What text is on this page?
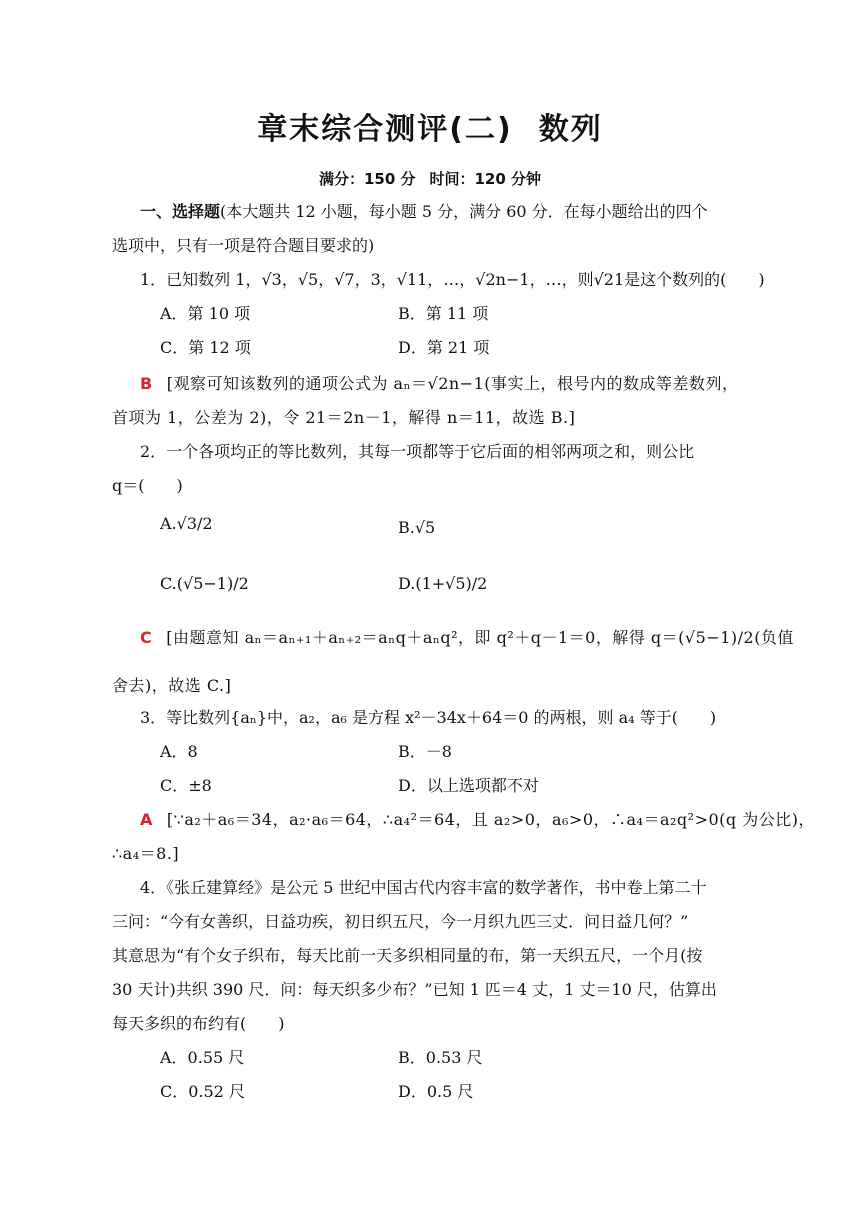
章末综合测评(二) 数列
满分：150 分 时间：120 分钟
一、选择题(本大题共 12 小题，每小题 5 分，满分 60 分．在每小题给出的四个
选项中，只有一项是符合题目要求的)
1．已知数列 1，√3，√5，√7，3，√11，…，√2n−1，…，则√21是这个数列的(　　)
A．第 10 项	B．第 11 项
C．第 12 项	D．第 21 项
B [观察可知该数列的通项公式为 aₙ＝√2n−1(事实上，根号内的数成等差数列，
首项为 1，公差为 2)，令 21＝2n－1，解得 n＝11，故选 B.]
2．一个各项均正的等比数列，其每一项都等于它后面的相邻两项之和，则公比
q＝(　　)
A.√3/2	B.√5
C.(√5−1)/2	D.(1+√5)/2
C [由题意知 aₙ＝aₙ₊₁＋aₙ₊₂＝aₙq＋aₙq²，即 q²＋q－1＝0，解得 q＝(√5−1)/2(负值
舍去)，故选 C.]
3．等比数列{aₙ}中，a₂，a₆ 是方程 x²－34x＋64＝0 的两根，则 a₄ 等于(　　)
A．8	B．－8
C．±8	D．以上选项都不对
A [∵a₂＋a₆＝34，a₂·a₆＝64，∴a₄²＝64，且 a₂>0，a₆>0，∴a₄＝a₂q²>0(q 为公比)，
∴a₄＝8.]
4．《张丘建算经》是公元 5 世纪中国古代内容丰富的数学著作，书中卷上第二十
三问：“今有女善织，日益功疾，初日织五尺，今一月织九匹三丈．问日益几何？”
其意思为“有个女子织布，每天比前一天多织相同量的布，第一天织五尺，一个月(按
30 天计)共织 390 尺．问：每天织多少布？”已知 1 匹＝4 丈，1 丈＝10 尺，估算出
每天多织的布约有(　　)
A．0.55 尺	B．0.53 尺
C．0.52 尺	D．0.5 尺
